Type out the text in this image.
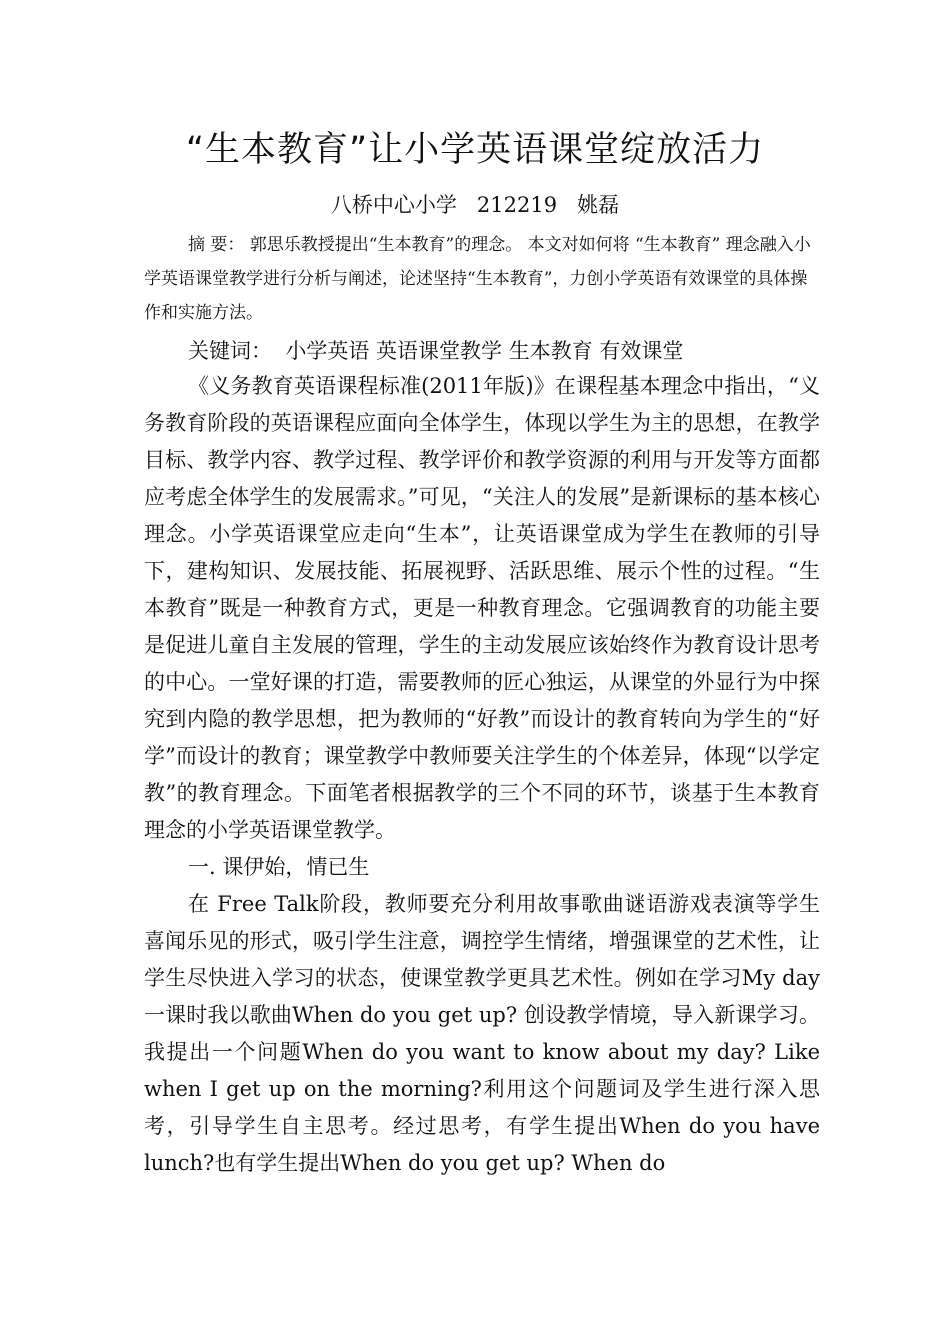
“生本教育”让小学英语课堂绽放活力
八桥中心小学   212219   姚磊

摘 要： 郭思乐教授提出“生本教育”的理念。 本文对如何将 “生本教育” 理念融入小学英语课堂教学进行分析与阐述，论述坚持“生本教育”，力创小学英语有效课堂的具体操作和实施方法。

关键词：  小学英语 英语课堂教学 生本教育 有效课堂

《义务教育英语课程标准(2011年版)》在课程基本理念中指出，“义务教育阶段的英语课程应面向全体学生，体现以学生为主的思想，在教学目标、教学内容、教学过程、教学评价和教学资源的利用与开发等方面都应考虑全体学生的发展需求。”可见，“关注人的发展”是新课标的基本核心理念。小学英语课堂应走向“生本”，让英语课堂成为学生在教师的引导下，建构知识、发展技能、拓展视野、活跃思维、展示个性的过程。“生本教育”既是一种教育方式，更是一种教育理念。它强调教育的功能主要是促进儿童自主发展的管理，学生的主动发展应该始终作为教育设计思考的中心。一堂好课的打造，需要教师的匠心独运，从课堂的外显行为中探究到内隐的教学思想，把为教师的“好教”而设计的教育转向为学生的“好学”而设计的教育；课堂教学中教师要关注学生的个体差异，体现“以学定教”的教育理念。下面笔者根据教学的三个不同的环节，谈基于生本教育理念的小学英语课堂教学。

一. 课伊始，情已生

在 Free Talk阶段，教师要充分利用故事歌曲谜语游戏表演等学生喜闻乐见的形式，吸引学生注意，调控学生情绪，增强课堂的艺术性，让学生尽快进入学习的状态，使课堂教学更具艺术性。例如在学习My day 一课时我以歌曲When do you get up? 创设教学情境，导入新课学习。我提出一个问题When do you want to know about my day? Like when I get up on the morning?利用这个问题词及学生进行深入思考，引导学生自主思考。经过思考，有学生提出When do you have lunch?也有学生提出When do you get up? When do
